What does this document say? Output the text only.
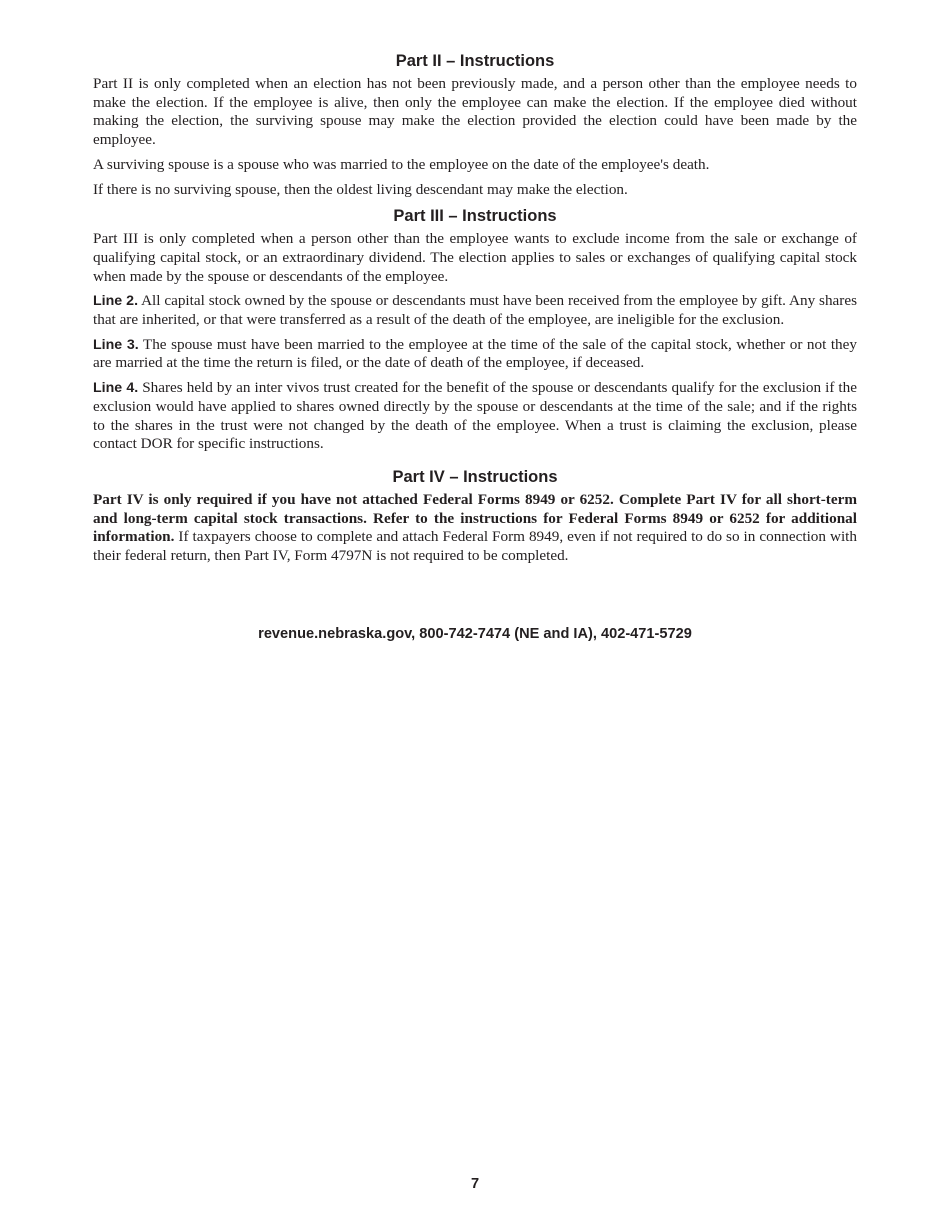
Part II – Instructions

Part II is only completed when an election has not been previously made, and a person other than the employee needs to make the election. If the employee is alive, then only the employee can make the election. If the employee died without making the election, the surviving spouse may make the election provided the election could have been made by the employee.

A surviving spouse is a spouse who was married to the employee on the date of the employee's death.

If there is no surviving spouse, then the oldest living descendant may make the election.

Part III – Instructions

Part III is only completed when a person other than the employee wants to exclude income from the sale or exchange of qualifying capital stock, or an extraordinary dividend. The election applies to sales or exchanges of qualifying capital stock when made by the spouse or descendants of the employee.

Line 2. All capital stock owned by the spouse or descendants must have been received from the employee by gift. Any shares that are inherited, or that were transferred as a result of the death of the employee, are ineligible for the exclusion.

Line 3. The spouse must have been married to the employee at the time of the sale of the capital stock, whether or not they are married at the time the return is filed, or the date of death of the employee, if deceased.

Line 4. Shares held by an inter vivos trust created for the benefit of the spouse or descendants qualify for the exclusion if the exclusion would have applied to shares owned directly by the spouse or descendants at the time of the sale; and if the rights to the shares in the trust were not changed by the death of the employee. When a trust is claiming the exclusion, please contact DOR for specific instructions.

Part IV – Instructions

Part IV is only required if you have not attached Federal Forms 8949 or 6252. Complete Part IV for all short-term and long-term capital stock transactions. Refer to the instructions for Federal Forms 8949 or 6252 for additional information. If taxpayers choose to complete and attach Federal Form 8949, even if not required to do so in connection with their federal return, then Part IV, Form 4797N is not required to be completed.

revenue.nebraska.gov, 800-742-7474 (NE and IA), 402-471-5729
7
